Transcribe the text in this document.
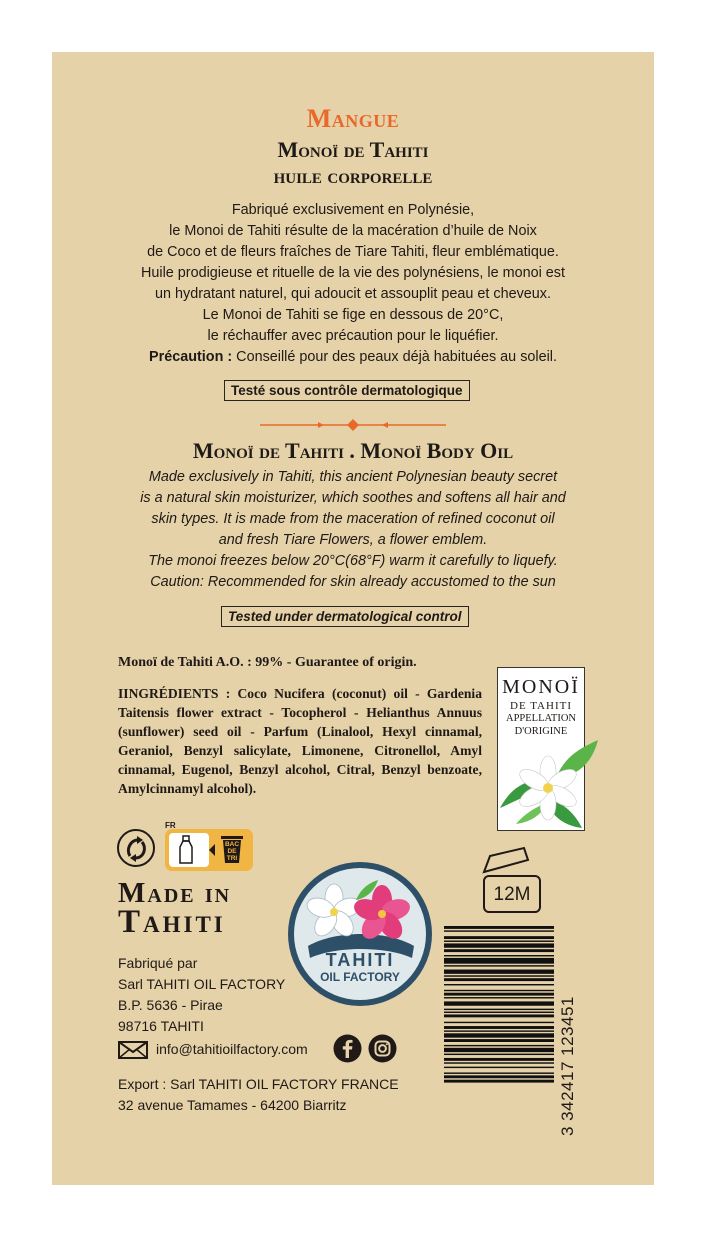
Mangue
Monoï de Tahiti
huile corporelle

Fabriqué exclusivement en Polynésie,

le Monoi de Tahiti résulte de la macération d’huile de Noix

de Coco et de fleurs fraîches de Tiare Tahiti, fleur emblématique.

Huile prodigieuse et rituelle de la vie des polynésiens, le monoi est

un hydratant naturel, qui adoucit et assouplit peau et cheveux.

Le Monoi de Tahiti se fige en dessous de 20°C,

le réchauffer avec précaution pour le liquéfier.

Précaution : Conseillé pour des peaux déjà habituées au soleil.

Testé sous contrôle dermatologique
Monoï de Tahiti . Monoï Body Oil

Made exclusively in Tahiti, this ancient Polynesian beauty secret

is a natural skin moisturizer, which soothes and softens all hair and

skin types. It is made from the maceration of refined coconut oil

and fresh Tiare Flowers, a flower emblem.

The monoi freezes below 20°C(68°F) warm it carefully to liquefy.

Caution: Recommended for skin already accustomed to the sun

Tested under dermatological control
Monoï de Tahiti A.O. : 99% - Guarantee of origin.
IINGRÉDIENTS : Coco Nucifera (coconut) oil - Gardenia Taitensis flower extract - Tocopherol - Helianthus Annuus (sunflower) seed oil - Parfum (Linalool, Hexyl cinnamal, Geraniol, Benzyl salicylate, Limonene, Citronellol, Amyl cinnamal, Eugenol, Benzyl alcohol, Citral, Benzyl benzoate, Amylcinnamyl alcohol).
MONOÏ
DE TAHITI
APPELLATION
D'ORIGINE
FR
BAC
DE
TRI
Made in
Tahiti
TAHITI
OIL FACTORY
12M
Fabriqué par
Sarl TAHITI OIL FACTORY
B.P. 5636 - Pirae
98716 TAHITI
info@tahitioilfactory.com
Export : Sarl TAHITI OIL FACTORY FRANCE
32 avenue Tamames - 64200 Biarritz	3 342417 123451
